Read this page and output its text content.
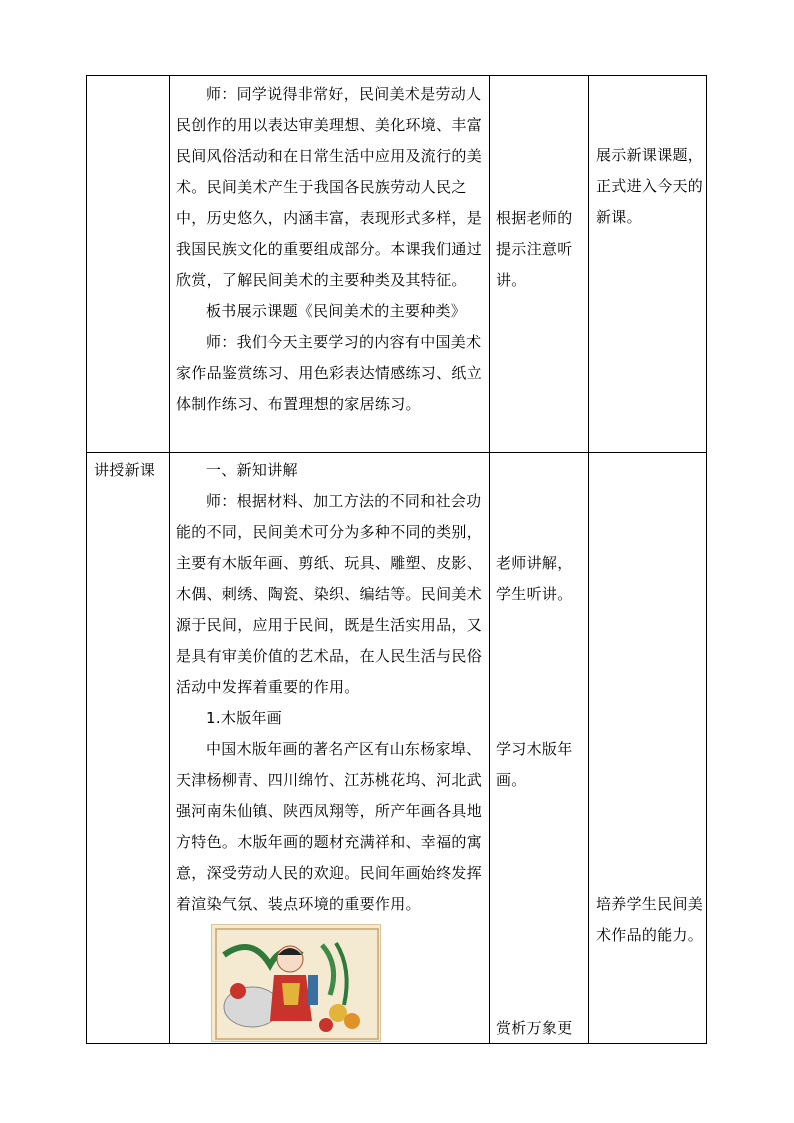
师：同学说得非常好，民间美术是劳动人民创作的用以表达审美理想、美化环境、丰富民间风俗活动和在日常生活中应用及流行的美术。民间美术产生于我国各民族劳动人民之中，历史悠久，内涵丰富，表现形式多样，是我国民族文化的重要组成部分。本课我们通过欣赏，了解民间美术的主要种类及其特征。
板书展示课题《民间美术的主要种类》
师：我们今天主要学习的内容有中国美术家作品鉴赏练习、用色彩表达情感练习、纸立体制作练习、布置理想的家居练习。
根据老师的提示注意听讲。
展示新课课题，正式进入今天的新课。
讲授新课	一、新知讲解
师：根据材料、加工方法的不同和社会功能的不同，民间美术可分为多种不同的类别，主要有木版年画、剪纸、玩具、雕塑、皮影、木偶、刺绣、陶瓷、染织、编结等。民间美术源于民间，应用于民间，既是生活实用品，又是具有审美价值的艺术品，在人民生活与民俗活动中发挥着重要的作用。
1.木版年画
中国木版年画的著名产区有山东杨家埠、天津杨柳青、四川绵竹、江苏桃花坞、河北武强河南朱仙镇、陕西凤翔等，所产年画各具地方特色。木版年画的题材充满祥和、幸福的寓意，深受劳动人民的欢迎。民间年画始终发挥着渲染气氛、装点环境的重要作用。
老师讲解，学生听讲。
学习木版年画。
赏析万象更
培养学生民间美术作品的能力。
